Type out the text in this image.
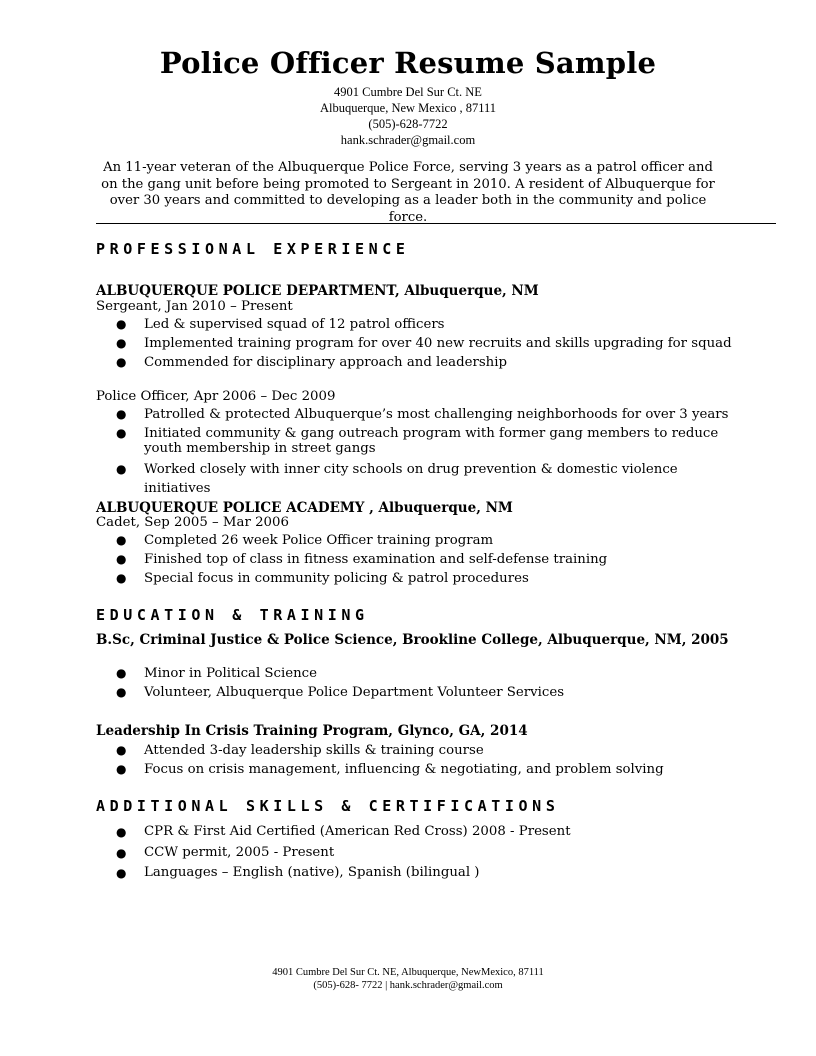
Police Officer Resume Sample
4901 Cumbre Del Sur Ct. NE
Albuquerque, New Mexico , 87111
(505)-628-7722
hank.schrader@gmail.com
An 11-year veteran of the Albuquerque Police Force, serving 3 years as a patrol officer and on the gang unit before being promoted to Sergeant in 2010. A resident of Albuquerque for over 30 years and committed to developing as a leader both in the community and police force.
PROFESSIONAL EXPERIENCE
ALBUQUERQUE POLICE DEPARTMENT, Albuquerque, NM
Sergeant, Jan 2010 – Present
● Led & supervised squad of 12 patrol officers
● Implemented training program for over 40 new recruits and skills upgrading for squad
● Commended for disciplinary approach and leadership
Police Officer, Apr 2006 – Dec 2009
● Patrolled & protected Albuquerque’s most challenging neighborhoods for over 3 years
● Initiated community & gang outreach program with former gang members to reduce youth membership in street gangs
● Worked closely with inner city schools on drug prevention & domestic violence initiatives
ALBUQUERQUE POLICE ACADEMY , Albuquerque, NM
Cadet, Sep 2005 – Mar 2006
● Completed 26 week Police Officer training program
● Finished top of class in fitness examination and self-defense training
● Special focus in community policing & patrol procedures
EDUCATION & TRAINING
B.Sc, Criminal Justice & Police Science, Brookline College, Albuquerque, NM, 2005
● Minor in Political Science
● Volunteer, Albuquerque Police Department Volunteer Services
Leadership In Crisis Training Program, Glynco, GA, 2014
● Attended 3-day leadership skills & training course
● Focus on crisis management, influencing & negotiating, and problem solving
ADDITIONAL SKILLS & CERTIFICATIONS
● CPR & First Aid Certified (American Red Cross) 2008 - Present
● CCW permit, 2005 - Present
● Languages – English (native), Spanish (bilingual )
4901 Cumbre Del Sur Ct. NE, Albuquerque, NewMexico, 87111
(505)-628- 7722 | hank.schrader@gmail.com
